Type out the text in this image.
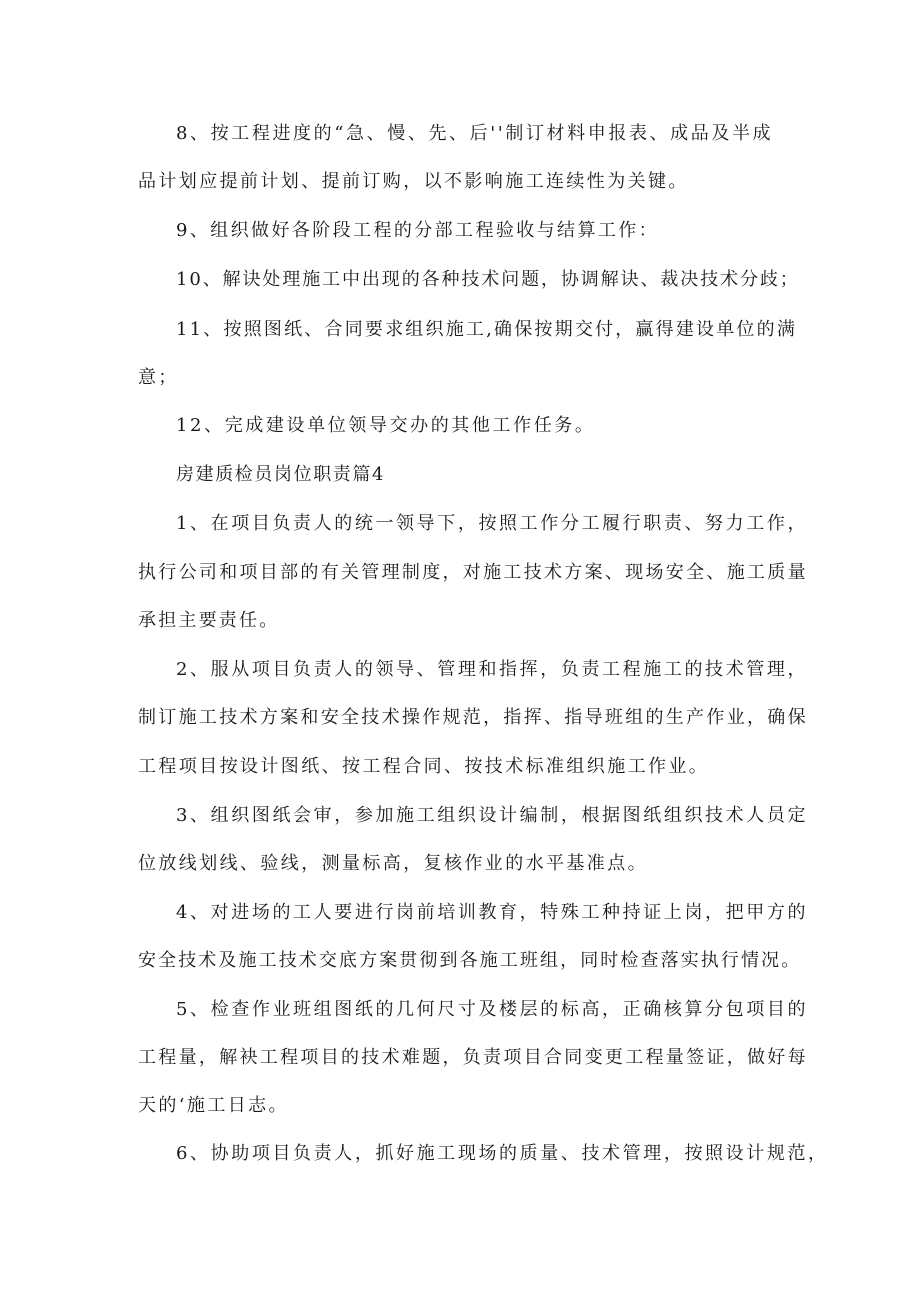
8、按工程进度的“急、慢、先、后''制订材料申报表、成品及半成
品计划应提前计划、提前订购，以不影响施工连续性为关键。
9、组织做好各阶段工程的分部工程验收与结算工作：
10、解诀处理施工中出现的各种技术问题，协调解诀、裁决技术分歧；
11、按照图纸、合同要求组织施工,确保按期交付，赢得建设单位的满
意；
12、完成建设单位领导交办的其他工作任务。
房建质检员岗位职责篇4
1、在项目负责人的统一领导下，按照工作分工履行职责、努力工作，
执行公司和项目部的有关管理制度，对施工技术方案、现场安全、施工质量
承担主要责任。
2、服从项目负责人的领导、管理和指挥，负责工程施工的技术管理，
制订施工技术方案和安全技术操作规范，指挥、指导班组的生产作业，确保
工程项目按设计图纸、按工程合同、按技术标准组织施工作业。
3、组织图纸会审，参加施工组织设计编制，根据图纸组织技术人员定
位放线划线、验线，测量标高，复核作业的水平基准点。
4、对进场的工人要进行岗前培训教育，特殊工种持证上岗，把甲方的
安全技术及施工技术交底方案贯彻到各施工班组，同时检查落实执行情况。
5、检查作业班组图纸的几何尺寸及楼层的标高，正确核算分包项目的
工程量，解袂工程项目的技术难题，负责项目合同变更工程量签证，做好每
天的‘施工日志。
6、协助项目负责人，抓好施工现场的质量、技术管理，按照设计规范，
